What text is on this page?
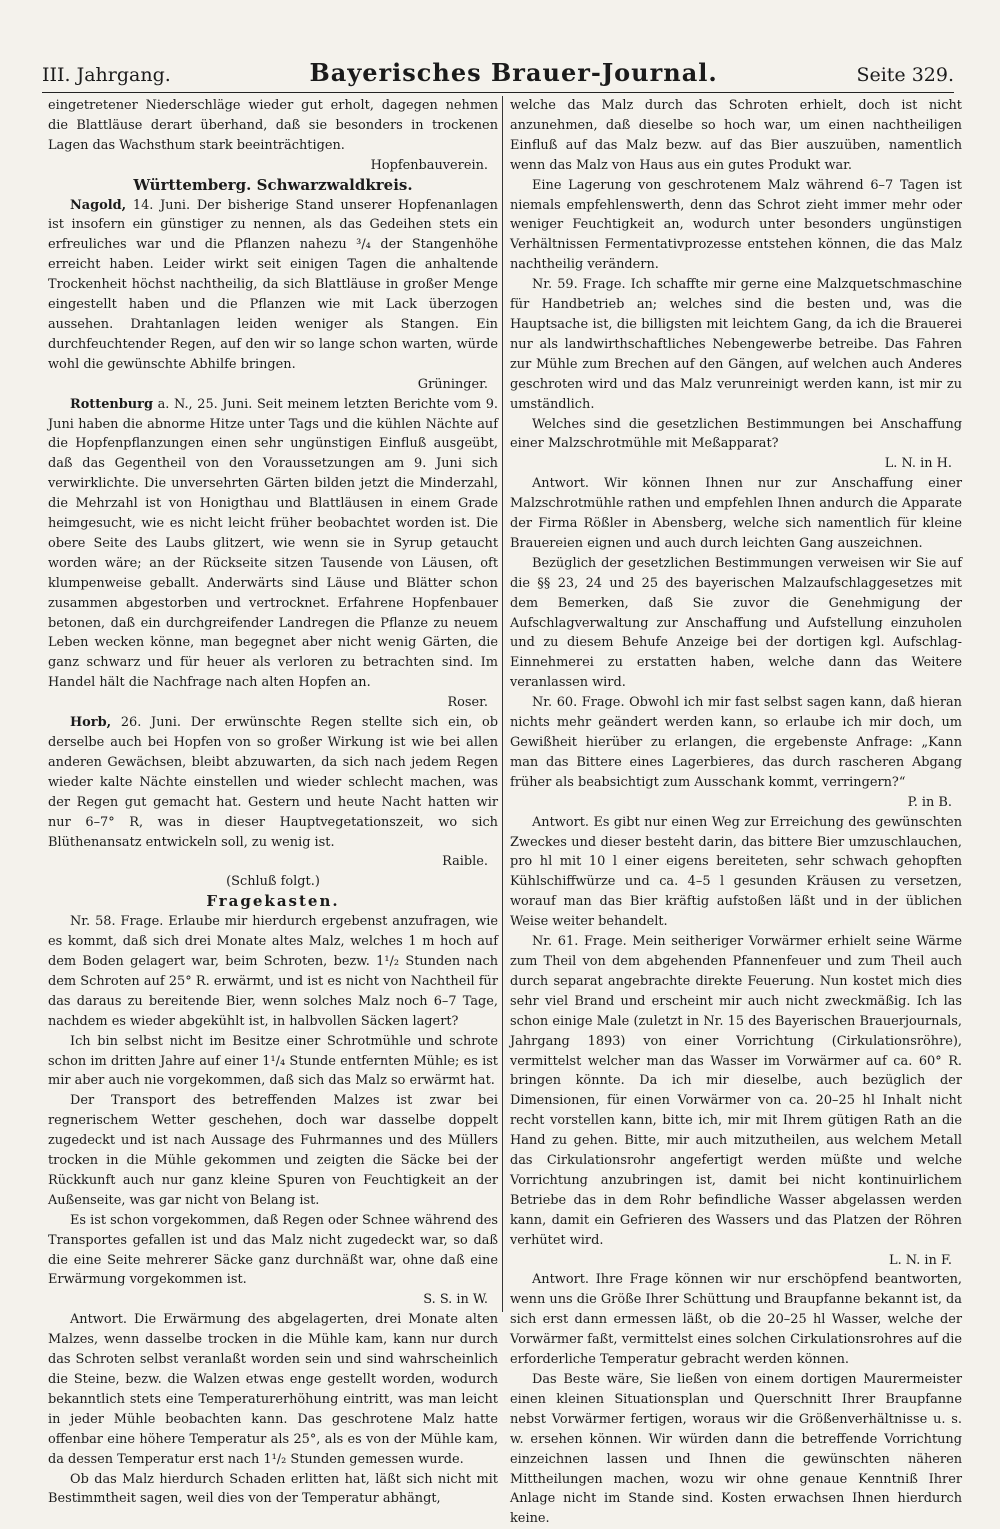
III. Jahrgang.	Bayerisches Brauer-Journal.	Seite 329.

eingetretener Niederschläge wieder gut erholt, dagegen nehmen die Blattläuse derart überhand, daß sie besonders in trockenen Lagen das Wachsthum stark beeinträchtigen.

Hopfenbauverein.

Württemberg. Schwarzwaldkreis.

Nagold, 14. Juni. Der bisherige Stand unserer Hopfenanlagen ist insofern ein günstiger zu nennen, als das Gedeihen stets ein erfreuliches war und die Pflanzen nahezu ³/₄ der Stangenhöhe erreicht haben. Leider wirkt seit einigen Tagen die anhaltende Trockenheit höchst nachtheilig, da sich Blattläuse in großer Menge eingestellt haben und die Pflanzen wie mit Lack überzogen aussehen. Drahtanlagen leiden weniger als Stangen. Ein durchfeuchtender Regen, auf den wir so lange schon warten, würde wohl die gewünschte Abhilfe bringen.

Grüninger.

Rottenburg a. N., 25. Juni. Seit meinem letzten Berichte vom 9. Juni haben die abnorme Hitze unter Tags und die kühlen Nächte auf die Hopfenpflanzungen einen sehr ungünstigen Einfluß ausgeübt, daß das Gegentheil von den Voraussetzungen am 9. Juni sich verwirklichte. Die unversehrten Gärten bilden jetzt die Minderzahl, die Mehrzahl ist von Honigthau und Blattläusen in einem Grade heimgesucht, wie es nicht leicht früher beobachtet worden ist. Die obere Seite des Laubs glitzert, wie wenn sie in Syrup getaucht worden wäre; an der Rückseite sitzen Tausende von Läusen, oft klumpenweise geballt. Anderwärts sind Läuse und Blätter schon zusammen abgestorben und vertrocknet. Erfahrene Hopfenbauer betonen, daß ein durchgreifender Landregen die Pflanze zu neuem Leben wecken könne, man begegnet aber nicht wenig Gärten, die ganz schwarz und für heuer als verloren zu betrachten sind. Im Handel hält die Nachfrage nach alten Hopfen an.

Roser.

Horb, 26. Juni. Der erwünschte Regen stellte sich ein, ob derselbe auch bei Hopfen von so großer Wirkung ist wie bei allen anderen Gewächsen, bleibt abzuwarten, da sich nach jedem Regen wieder kalte Nächte einstellen und wieder schlecht machen, was der Regen gut gemacht hat. Gestern und heute Nacht hatten wir nur 6–7° R, was in dieser Hauptvegetationszeit, wo sich Blüthenansatz entwickeln soll, zu wenig ist.

Raible.

(Schluß folgt.)

Fragekasten.

Nr. 58. Frage. Erlaube mir hierdurch ergebenst anzufragen, wie es kommt, daß sich drei Monate altes Malz, welches 1 m hoch auf dem Boden gelagert war, beim Schroten, bezw. 1¹/₂ Stunden nach dem Schroten auf 25° R. erwärmt, und ist es nicht von Nachtheil für das daraus zu bereitende Bier, wenn solches Malz noch 6–7 Tage, nachdem es wieder abgekühlt ist, in halbvollen Säcken lagert?

Ich bin selbst nicht im Besitze einer Schrotmühle und schrote schon im dritten Jahre auf einer 1¹/₄ Stunde entfernten Mühle; es ist mir aber auch nie vorgekommen, daß sich das Malz so erwärmt hat.

Der Transport des betreffenden Malzes ist zwar bei regnerischem Wetter geschehen, doch war dasselbe doppelt zugedeckt und ist nach Aussage des Fuhrmannes und des Müllers trocken in die Mühle gekommen und zeigten die Säcke bei der Rückkunft auch nur ganz kleine Spuren von Feuchtigkeit an der Außenseite, was gar nicht von Belang ist.

Es ist schon vorgekommen, daß Regen oder Schnee während des Transportes gefallen ist und das Malz nicht zugedeckt war, so daß die eine Seite mehrerer Säcke ganz durchnäßt war, ohne daß eine Erwärmung vorgekommen ist.

S. S. in W.

Antwort. Die Erwärmung des abgelagerten, drei Monate alten Malzes, wenn dasselbe trocken in die Mühle kam, kann nur durch das Schroten selbst veranlaßt worden sein und sind wahrscheinlich die Steine, bezw. die Walzen etwas enge gestellt worden, wodurch bekanntlich stets eine Temperaturerhöhung eintritt, was man leicht in jeder Mühle beobachten kann. Das geschrotene Malz hatte offenbar eine höhere Temperatur als 25°, als es von der Mühle kam, da dessen Temperatur erst nach 1¹/₂ Stunden gemessen wurde.

Ob das Malz hierdurch Schaden erlitten hat, läßt sich nicht mit Bestimmtheit sagen, weil dies von der Temperatur abhängt,

welche das Malz durch das Schroten erhielt, doch ist nicht anzunehmen, daß dieselbe so hoch war, um einen nachtheiligen Einfluß auf das Malz bezw. auf das Bier auszuüben, namentlich wenn das Malz von Haus aus ein gutes Produkt war.

Eine Lagerung von geschrotenem Malz während 6–7 Tagen ist niemals empfehlenswerth, denn das Schrot zieht immer mehr oder weniger Feuchtigkeit an, wodurch unter besonders ungünstigen Verhältnissen Fermentativprozesse entstehen können, die das Malz nachtheilig verändern.

Nr. 59. Frage. Ich schaffte mir gerne eine Malzquetschmaschine für Handbetrieb an; welches sind die besten und, was die Hauptsache ist, die billigsten mit leichtem Gang, da ich die Brauerei nur als landwirthschaftliches Nebengewerbe betreibe. Das Fahren zur Mühle zum Brechen auf den Gängen, auf welchen auch Anderes geschroten wird und das Malz verunreinigt werden kann, ist mir zu umständlich.

Welches sind die gesetzlichen Bestimmungen bei Anschaffung einer Malzschrotmühle mit Meßapparat?

L. N. in H.

Antwort. Wir können Ihnen nur zur Anschaffung einer Malzschrotmühle rathen und empfehlen Ihnen andurch die Apparate der Firma Rößler in Abensberg, welche sich namentlich für kleine Brauereien eignen und auch durch leichten Gang auszeichnen.

Bezüglich der gesetzlichen Bestimmungen verweisen wir Sie auf die §§ 23, 24 und 25 des bayerischen Malzaufschlaggesetzes mit dem Bemerken, daß Sie zuvor die Genehmigung der Aufschlagverwaltung zur Anschaffung und Aufstellung einzuholen und zu diesem Behufe Anzeige bei der dortigen kgl. Aufschlag-Einnehmerei zu erstatten haben, welche dann das Weitere veranlassen wird.

Nr. 60. Frage. Obwohl ich mir fast selbst sagen kann, daß hieran nichts mehr geändert werden kann, so erlaube ich mir doch, um Gewißheit hierüber zu erlangen, die ergebenste Anfrage: „Kann man das Bittere eines Lagerbieres, das durch rascheren Abgang früher als beabsichtigt zum Ausschank kommt, verringern?“

P. in B.

Antwort. Es gibt nur einen Weg zur Erreichung des gewünschten Zweckes und dieser besteht darin, das bittere Bier umzuschlauchen, pro hl mit 10 l einer eigens bereiteten, sehr schwach gehopften Kühlschiffwürze und ca. 4–5 l gesunden Kräusen zu versetzen, worauf man das Bier kräftig aufstoßen läßt und in der üblichen Weise weiter behandelt.

Nr. 61. Frage. Mein seitheriger Vorwärmer erhielt seine Wärme zum Theil von dem abgehenden Pfannenfeuer und zum Theil auch durch separat angebrachte direkte Feuerung. Nun kostet mich dies sehr viel Brand und erscheint mir auch nicht zweckmäßig. Ich las schon einige Male (zuletzt in Nr. 15 des Bayerischen Brauerjournals, Jahrgang 1893) von einer Vorrichtung (Cirkulationsröhre), vermittelst welcher man das Wasser im Vorwärmer auf ca. 60° R. bringen könnte. Da ich mir dieselbe, auch bezüglich der Dimensionen, für einen Vorwärmer von ca. 20–25 hl Inhalt nicht recht vorstellen kann, bitte ich, mir mit Ihrem gütigen Rath an die Hand zu gehen. Bitte, mir auch mitzutheilen, aus welchem Metall das Cirkulationsrohr angefertigt werden müßte und welche Vorrichtung anzubringen ist, damit bei nicht kontinuirlichem Betriebe das in dem Rohr befindliche Wasser abgelassen werden kann, damit ein Gefrieren des Wassers und das Platzen der Röhren verhütet wird.

L. N. in F.

Antwort. Ihre Frage können wir nur erschöpfend beantworten, wenn uns die Größe Ihrer Schüttung und Braupfanne bekannt ist, da sich erst dann ermessen läßt, ob die 20–25 hl Wasser, welche der Vorwärmer faßt, vermittelst eines solchen Cirkulationsrohres auf die erforderliche Temperatur gebracht werden können.

Das Beste wäre, Sie ließen von einem dortigen Maurermeister einen kleinen Situationsplan und Querschnitt Ihrer Braupfanne nebst Vorwärmer fertigen, woraus wir die Größenverhältnisse u. s. w. ersehen können. Wir würden dann die betreffende Vorrichtung einzeichnen lassen und Ihnen die gewünschten näheren Mittheilungen machen, wozu wir ohne genaue Kenntniß Ihrer Anlage nicht im Stande sind. Kosten erwachsen Ihnen hierdurch keine.
